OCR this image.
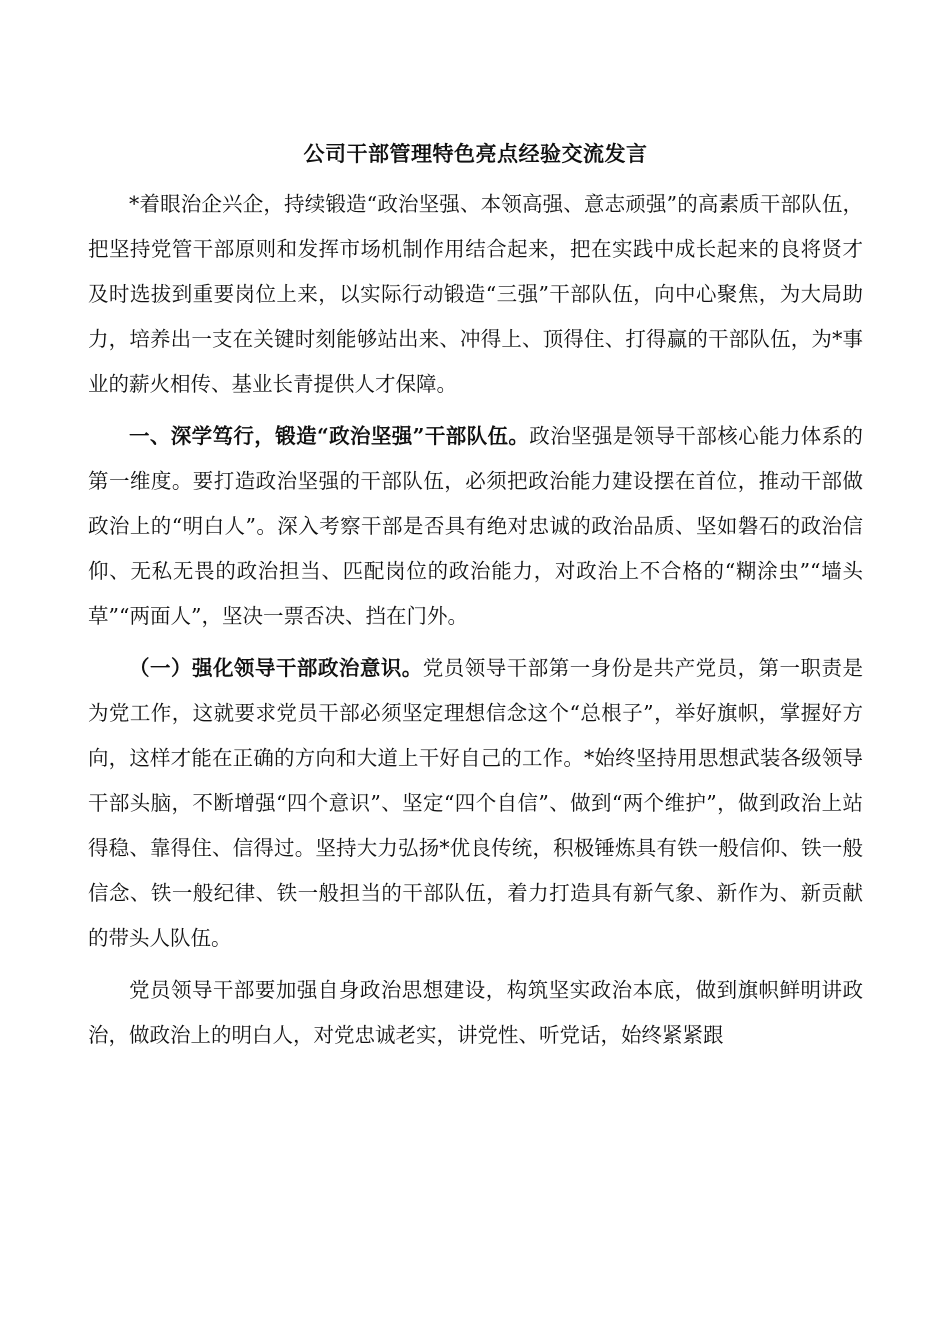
公司干部管理特色亮点经验交流发言

*着眼治企兴企，持续锻造“政治坚强、本领高强、意志顽强”的高素质干部队伍，把坚持党管干部原则和发挥市场机制作用结合起来，把在实践中成长起来的良将贤才及时选拔到重要岗位上来，以实际行动锻造“三强”干部队伍，向中心聚焦，为大局助力，培养出一支在关键时刻能够站出来、冲得上、顶得住、打得赢的干部队伍，为*事业的薪火相传、基业长青提供人才保障。

一、深学笃行，锻造“政治坚强”干部队伍。政治坚强是领导干部核心能力体系的第一维度。要打造政治坚强的干部队伍，必须把政治能力建设摆在首位，推动干部做政治上的“明白人”。深入考察干部是否具有绝对忠诚的政治品质、坚如磐石的政治信仰、无私无畏的政治担当、匹配岗位的政治能力，对政治上不合格的“糊涂虫”“墙头草”“两面人”，坚决一票否决、挡在门外。

（一）强化领导干部政治意识。党员领导干部第一身份是共产党员，第一职责是为党工作，这就要求党员干部必须坚定理想信念这个“总根子”，举好旗帜，掌握好方向，这样才能在正确的方向和大道上干好自己的工作。*始终坚持用思想武装各级领导干部头脑，不断增强“四个意识”、坚定“四个自信”、做到“两个维护”，做到政治上站得稳、靠得住、信得过。坚持大力弘扬*优良传统，积极锤炼具有铁一般信仰、铁一般信念、铁一般纪律、铁一般担当的干部队伍，着力打造具有新气象、新作为、新贡献的带头人队伍。

党员领导干部要加强自身政治思想建设，构筑坚实政治本底，做到旗帜鲜明讲政治，做政治上的明白人，对党忠诚老实，讲党性、听党话，始终紧紧跟
